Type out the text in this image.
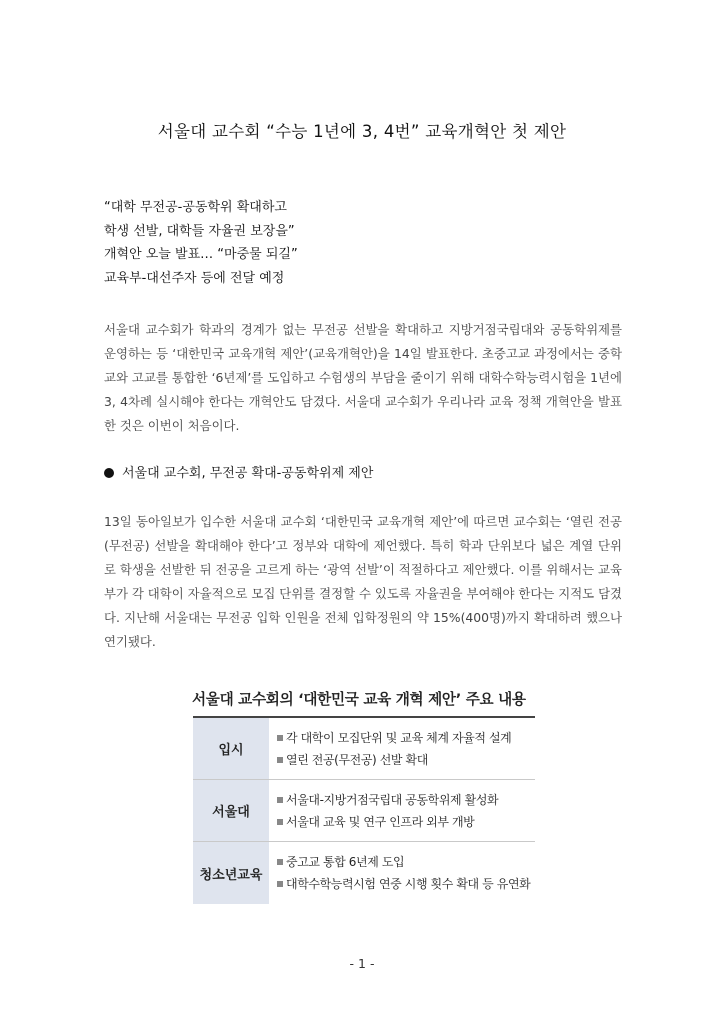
서울대 교수회 “수능 1년에 3, 4번” 교육개혁안 첫 제안
“대학 무전공-공동학위 확대하고
학생 선발, 대학들 자율권 보장을”
개혁안 오늘 발표… “마중물 되길”
교육부-대선주자 등에 전달 예정

서울대 교수회가 학과의 경계가 없는 무전공 선발을 확대하고 지방거점국립대와 공동학위제를 운영하는 등 ‘대한민국 교육개혁 제안’(교육개혁안)을 14일 발표한다. 초중고교 과정에서는 중학교와 고교를 통합한 ‘6년제’를 도입하고 수험생의 부담을 줄이기 위해 대학수학능력시험을 1년에 3, 4차례 실시해야 한다는 개혁안도 담겼다. 서울대 교수회가 우리나라 교육 정책 개혁안을 발표한 것은 이번이 처음이다.

서울대 교수회, 무전공 확대-공동학위제 제안

13일 동아일보가 입수한 서울대 교수회 ‘대한민국 교육개혁 제안’에 따르면 교수회는 ‘열린 전공(무전공) 선발을 확대해야 한다’고 정부와 대학에 제언했다. 특히 학과 단위보다 넓은 계열 단위로 학생을 선발한 뒤 전공을 고르게 하는 ‘광역 선발’이 적절하다고 제안했다. 이를 위해서는 교육부가 각 대학이 자율적으로 모집 단위를 결정할 수 있도록 자율권을 부여해야 한다는 지적도 담겼다. 지난해 서울대는 무전공 입학 인원을 전체 입학정원의 약 15%(400명)까지 확대하려 했으나 연기됐다.

서울대 교수회의 ‘대한민국 교육 개혁 제안’ 주요 내용
입시
각 대학이 모집단위 및 교육 체계 자율적 설계
열린 전공(무전공) 선발 확대
서울대
서울대-지방거점국립대 공동학위제 활성화
서울대 교육 및 연구 인프라 외부 개방
청소년교육
중고교 통합 6년제 도입
대학수학능력시험 연중 시행 횟수 확대 등 유연화
- 1 -
